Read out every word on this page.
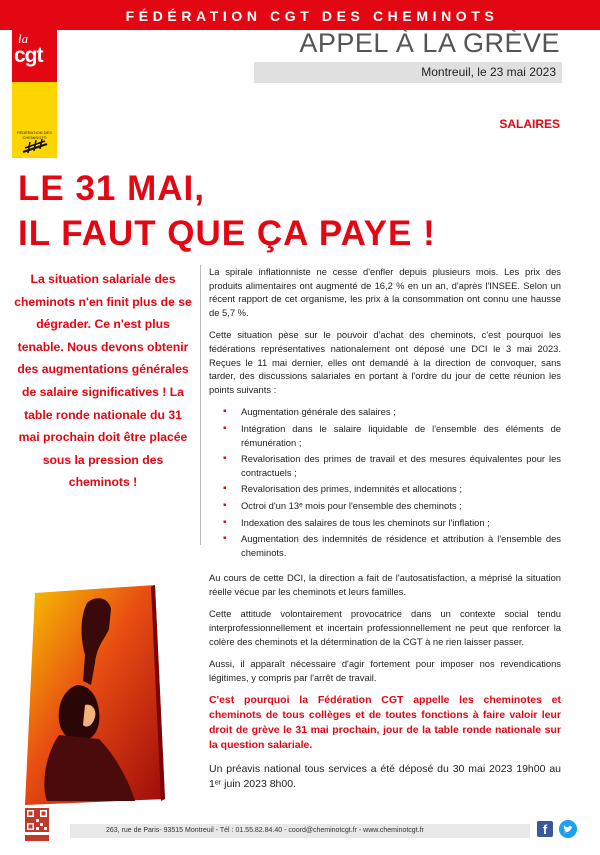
FÉDÉRATION CGT DES CHEMINOTS
la
cgt
FÉDÉRATION DES CHEMINOTS
APPEL À LA GRÈVE
Montreuil, le 23 mai 2023
SALAIRES
LE 31 MAI,
IL FAUT QUE ÇA PAYE !
La situation salariale des cheminots n'en finit plus de se dégrader. Ce n'est plus tenable. Nous devons obtenir des augmentations générales de salaire significatives ! La table ronde nationale du 31 mai prochain doit être placée sous la pression des cheminots !

La spirale inflationniste ne cesse d'enfler depuis plusieurs mois. Les prix des produits alimentaires ont augmenté de 16,2 % en un an, d'après l'INSEE. Selon un récent rapport de cet organisme, les prix à la consommation ont connu une hausse de 5,7 %.

Cette situation pèse sur le pouvoir d'achat des cheminots, c'est pourquoi les fédérations représentatives nationalement ont déposé une DCI le 3 mai 2023. Reçues le 11 mai dernier, elles ont demandé à la direction de convoquer, sans tarder, des discussions salariales en portant à l'ordre du jour de cette réunion les points suivants :

▪ Augmentation générale des salaires ;
▪ Intégration dans le salaire liquidable de l'ensemble des éléments de rémunération ;
▪ Revalorisation des primes de travail et des mesures équivalentes pour les contractuels ;
▪ Revalorisation des primes, indemnités et allocations ;
▪ Octroi d'un 13ᵉ mois pour l'ensemble des cheminots ;
▪ Indexation des salaires de tous les cheminots sur l'inflation ;
▪ Augmentation des indemnités de résidence et attribution à l'ensemble des cheminots.

Au cours de cette DCI, la direction a fait de l'autosatisfaction, a méprisé la situation réelle vécue par les cheminots et leurs familles.

Cette attitude volontairement provocatrice dans un contexte social tendu interprofessionnellement et incertain professionnellement ne peut que renforcer la colère des cheminots et la détermination de la CGT à ne rien laisser passer.

Aussi, il apparaît nécessaire d'agir fortement pour imposer nos revendications légitimes, y compris par l'arrêt de travail.

C'est pourquoi la Fédération CGT appelle les cheminotes et cheminots de tous collèges et de toutes fonctions à faire valoir leur droit de grève le 31 mai prochain, jour de la table ronde nationale sur la question salariale.

Un préavis national tous services a été déposé du 30 mai 2023 19h00 au 1ᵉʳ juin 2023 8h00.

263, rue de Paris- 93515 Montreuil - Tél : 01.55.82.84.40 - coord@cheminotcgt.fr - www.cheminotcgt.fr	f
